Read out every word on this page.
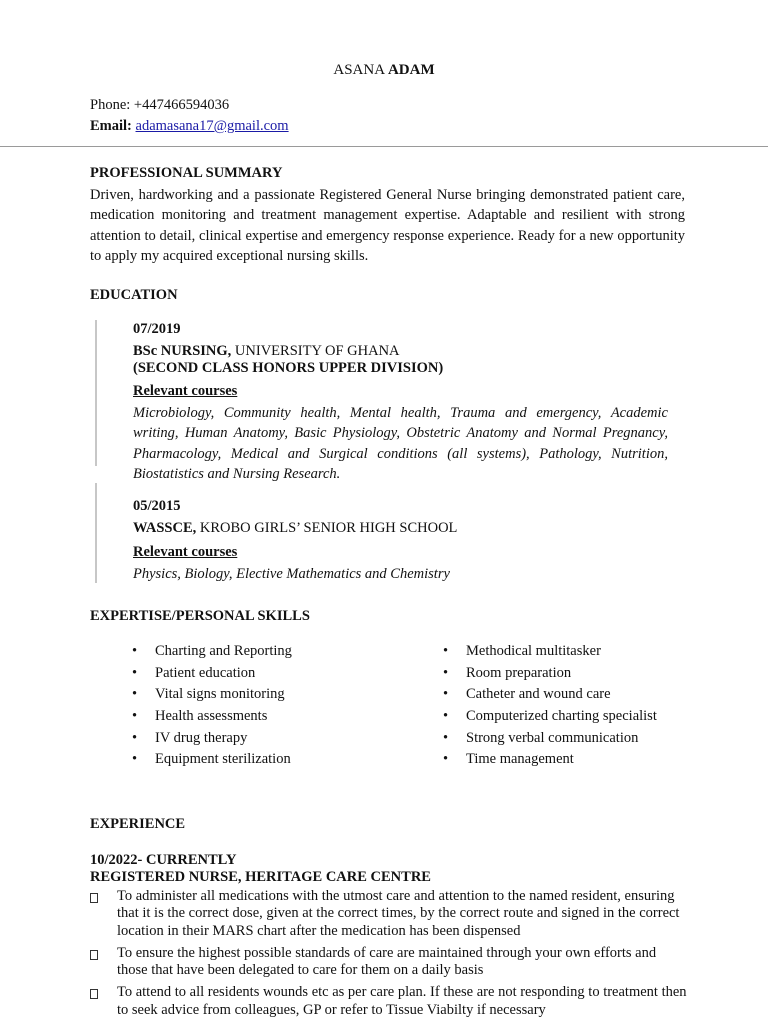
ASANA ADAM
Phone: +447466594036
Email: adamasana17@gmail.com
PROFESSIONAL SUMMARY
Driven, hardworking and a passionate Registered General Nurse bringing demonstrated patient care, medication monitoring and treatment management expertise. Adaptable and resilient with strong attention to detail, clinical expertise and emergency response experience. Ready for a new opportunity to apply my acquired exceptional nursing skills.
EDUCATION
07/2019
BSc NURSING, UNIVERSITY OF GHANA
(SECOND CLASS HONORS UPPER DIVISION)
Relevant courses
Microbiology, Community health, Mental health, Trauma and emergency, Academic writing, Human Anatomy, Basic Physiology, Obstetric Anatomy and Normal Pregnancy, Pharmacology, Medical and Surgical conditions (all systems), Pathology, Nutrition, Biostatistics and Nursing Research.
05/2015
WASSCE, KROBO GIRLS’ SENIOR HIGH SCHOOL
Relevant courses
Physics, Biology, Elective Mathematics and Chemistry
EXPERTISE/PERSONAL SKILLS
• Charting and Reporting
• Patient education
• Vital signs monitoring
• Health assessments
• IV drug therapy
• Equipment sterilization
• Methodical multitasker
• Room preparation
• Catheter and wound care
• Computerized charting specialist
• Strong verbal communication
• Time management
EXPERIENCE
10/2022- CURRENTLY
REGISTERED NURSE, HERITAGE CARE CENTRE
To administer all medications with the utmost care and attention to the named resident, ensuring that it is the correct dose, given at the correct times, by the correct route and signed in the correct location in their MARS chart after the medication has been dispensed
To ensure the highest possible standards of care are maintained through your own efforts and those that have been delegated to care for them on a daily basis
To attend to all residents wounds etc as per care plan. If these are not responding to treatment then to seek advice from colleagues, GP or refer to Tissue Viabilty if necessary
